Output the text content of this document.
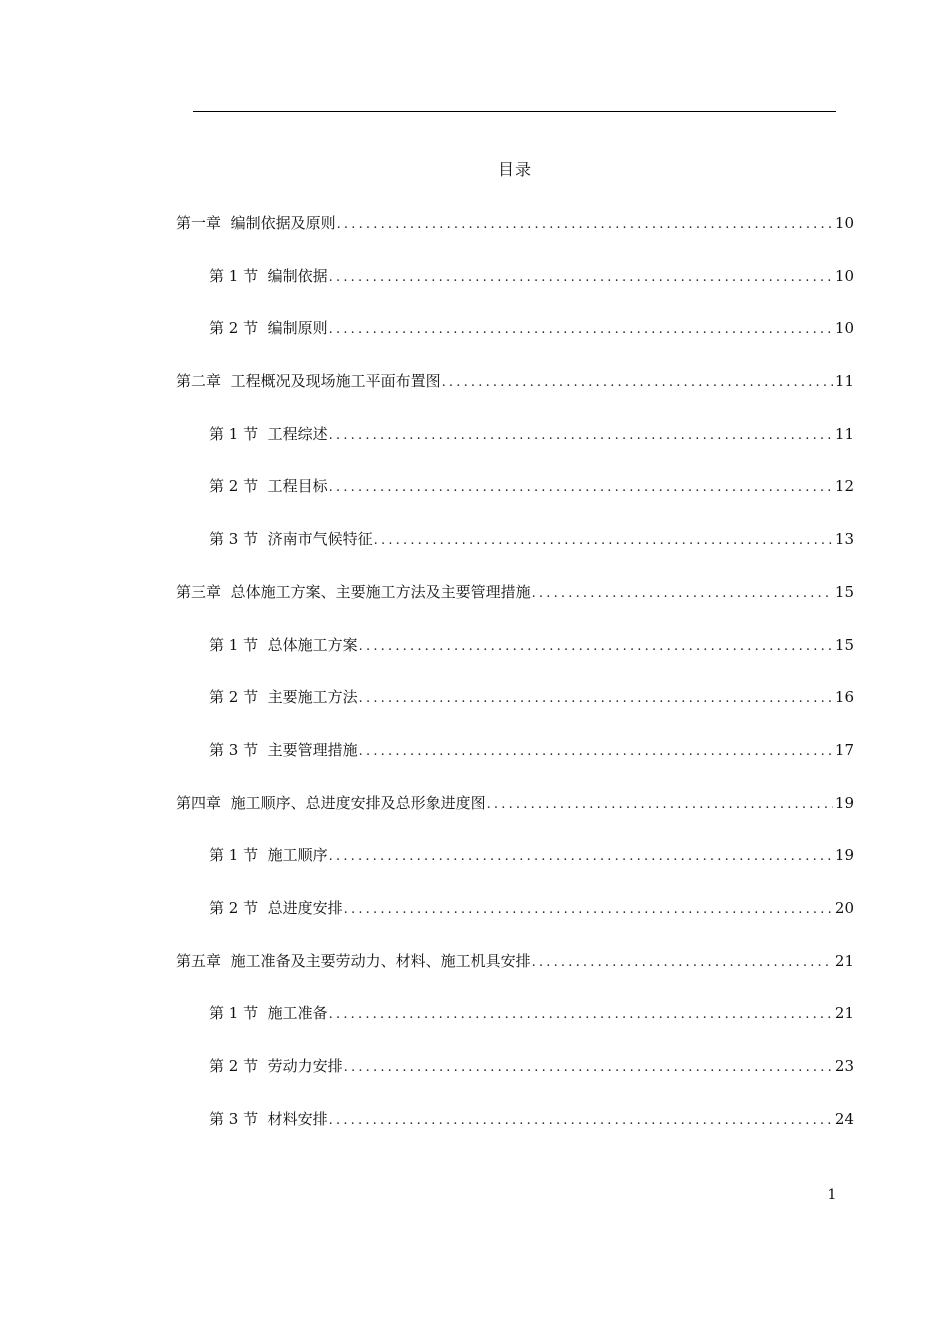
目录
第一章 编制依据及原则 .....	10
第 1 节 编制依据 .....	10
第 2 节 编制原则 .....	10
第二章 工程概况及现场施工平面布置图 .....	11
第 1 节 工程综述 .....	11
第 2 节 工程目标 .....	12
第 3 节 济南市气候特征 .....	13
第三章 总体施工方案、主要施工方法及主要管理措施 .....	15
第 1 节 总体施工方案 .....	15
第 2 节 主要施工方法 .....	16
第 3 节 主要管理措施 .....	17
第四章 施工顺序、总进度安排及总形象进度图 .....	19
第 1 节 施工顺序 .....	19
第 2 节 总进度安排 .....	20
第五章 施工准备及主要劳动力、材料、施工机具安排 .....	21
第 1 节 施工准备 .....	21
第 2 节 劳动力安排 .....	23
第 3 节 材料安排 .....	24
1
